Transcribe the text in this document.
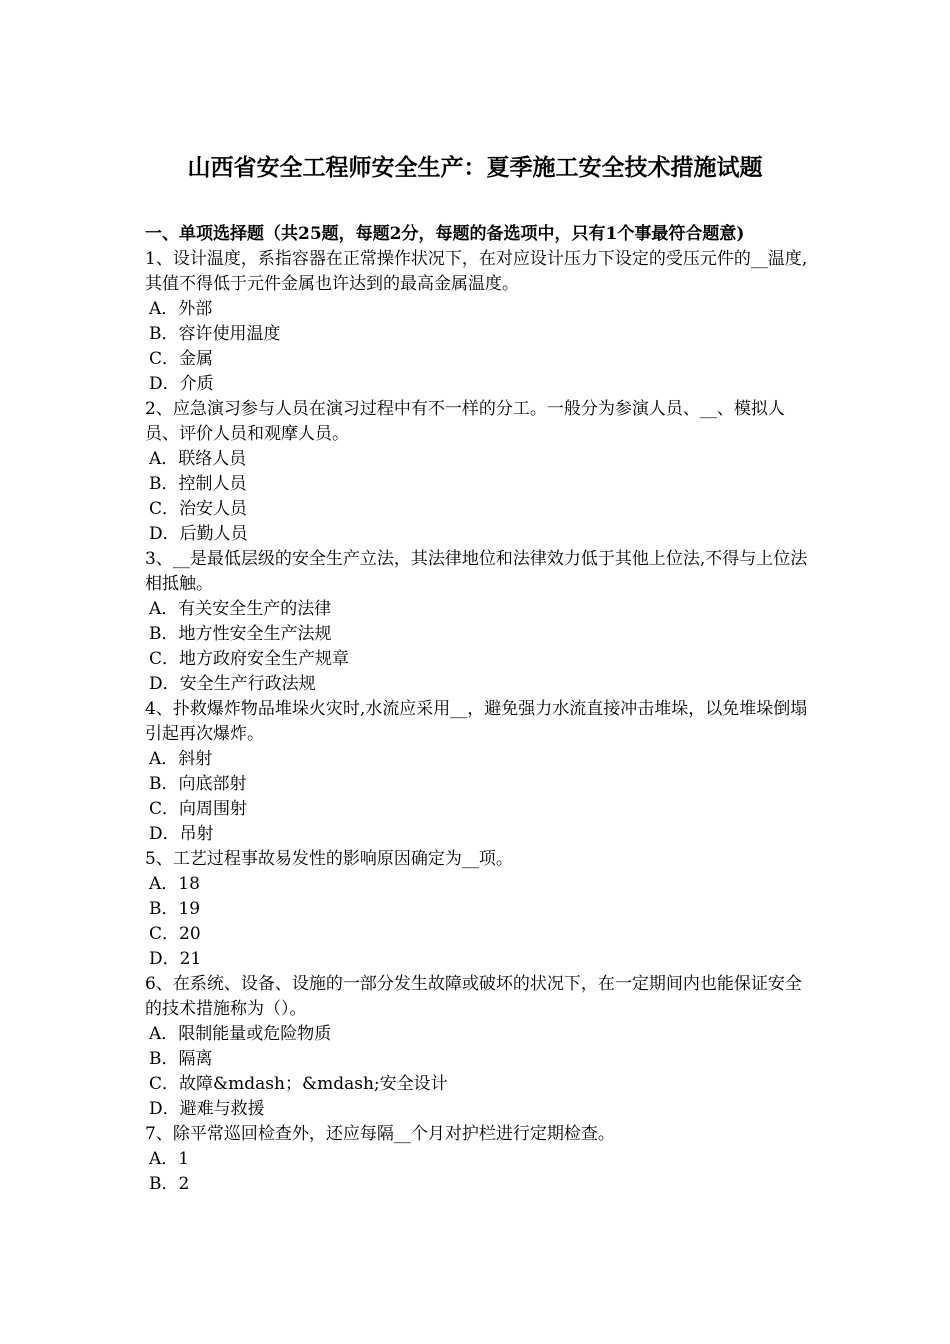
山西省安全工程师安全生产：夏季施工安全技术措施试题
一、单项选择题（共25题，每题2分，每题的备选项中，只有1个事最符合题意)
1、设计温度，系指容器在正常操作状况下，在对应设计压力下设定的受压元件的__温度,其值不得低于元件金属也许达到的最高金属温度。
A．外部
B．容许使用温度
C．金属
D．介质
2、应急演习参与人员在演习过程中有不一样的分工。一般分为参演人员、__、模拟人员、评价人员和观摩人员。
A．联络人员
B．控制人员
C．治安人员
D．后勤人员
3、__是最低层级的安全生产立法，其法律地位和法律效力低于其他上位法,不得与上位法相抵触。
A．有关安全生产的法律
B．地方性安全生产法规
C．地方政府安全生产规章
D．安全生产行政法规
4、扑救爆炸物品堆垛火灾时,水流应采用__，避免强力水流直接冲击堆垛，以免堆垛倒塌引起再次爆炸。
A．斜射
B．向底部射
C．向周围射
D．吊射
5、工艺过程事故易发性的影响原因确定为__项。
A．18
B．19
C．20
D．21
6、在系统、设备、设施的一部分发生故障或破坏的状况下，在一定期间内也能保证安全的技术措施称为（）。
A．限制能量或危险物质
B．隔离
C．故障&mdash；&mdash;安全设计
D．避难与救援
7、除平常巡回检查外，还应每隔__个月对护栏进行定期检查。
A．1
B．2
